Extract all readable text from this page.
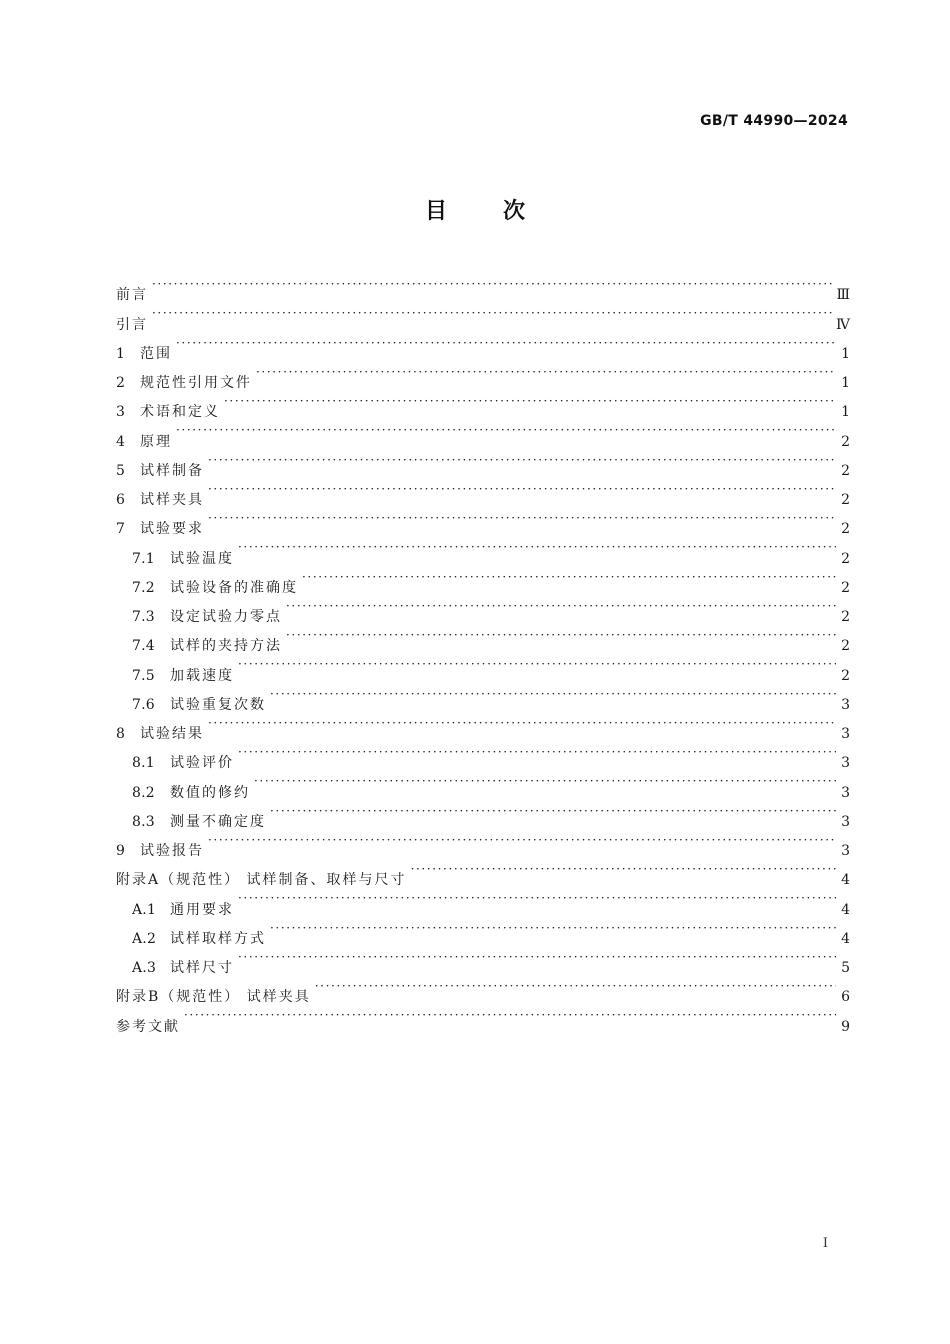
GB/T 44990—2024
目次
前言 ·····	Ⅲ
引言 ·····	Ⅳ
1	范围 ·····	1
2	规范性引用文件 ·····	1
3	术语和定义 ·····	1
4	原理 ·····	2
5	试样制备 ·····	2
6	试样夹具 ·····	2
7	试验要求 ·····	2
7.1	试验温度 ·····	2
7.2	试验设备的准确度 ·····	2
7.3	设定试验力零点 ·····	2
7.4	试样的夹持方法 ·····	2
7.5	加载速度 ·····	2
7.6	试验重复次数 ·····	3
8	试验结果 ·····	3
8.1	试验评价 ·····	3
8.2	数值的修约 ·····	3
8.3	测量不确定度 ·····	3
9	试验报告 ·····	3
附录A（规范性） 试样制备、取样与尺寸 ·····	4
A.1 通用要求 ·····	4
A.2 试样取样方式 ·····	4
A.3 试样尺寸 ·····	5
附录B（规范性） 试样夹具 ·····	6
参考文献 ·····	9
I
